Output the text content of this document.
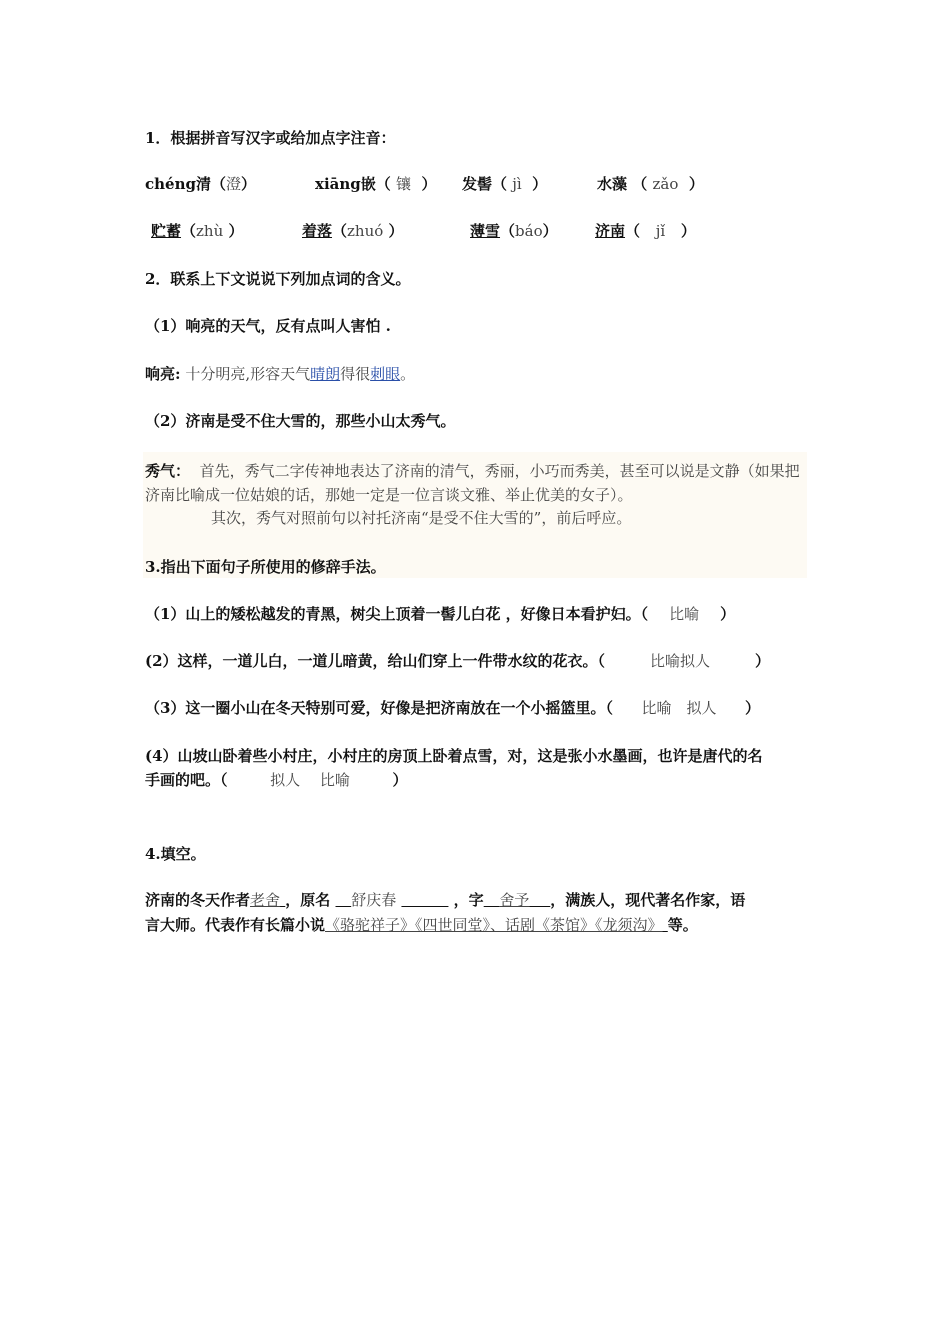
1．根据拼音写汉字或给加点字注音：
chéng清（澄）	xiāng嵌（ 镶 ） 发髻（ jì ）	水藻 （ zǎo ）
贮蓄（zhù ）	着落（zhuó ）	薄雪（báo） 济南（ jǐ ）
2．联系上下文说说下列加点词的含义。
（1）响亮的天气，反有点叫人害怕 .
响亮: 十分明亮,形容天气晴朗得很刺眼。
（2）济南是受不住大雪的，那些小山太秀气。
秀气： 首先，秀气二字传神地表达了济南的清气，秀丽，小巧而秀美，甚至可以说是文静（如果把济南比喻成一位姑娘的话，那她一定是一位言谈文雅、举止优美的女子）。
其次，秀气对照前句以衬托济南“是受不住大雪的”，前后呼应。
3.指出下面句子所使用的修辞手法。
（1）山上的矮松越发的青黑，树尖上顶着一髻儿白花 ，好像日本看护妇。（ 比喻 ）
(2）这样，一道儿白，一道儿暗黄，给山们穿上一件带水纹的花衣。（	比喻拟人	）
（3）这一圈小山在冬天特别可爱，好像是把济南放在一个小摇篮里。（ 比喻　拟人 ）
(4）山坡山卧着些小村庄，小村庄的房顶上卧着点雪，对，这是张小水墨画，也许是唐代的名
手画的吧。（	拟人　 比喻	）
4.填空。
济南的冬天作者老舍 ，原名 舒庆春	，字 舍予 ，满族人，现代著名作家，语
言大师。代表作有长篇小说《骆驼祥子》《四世同堂》、话剧《茶馆》《龙须沟》 等。
